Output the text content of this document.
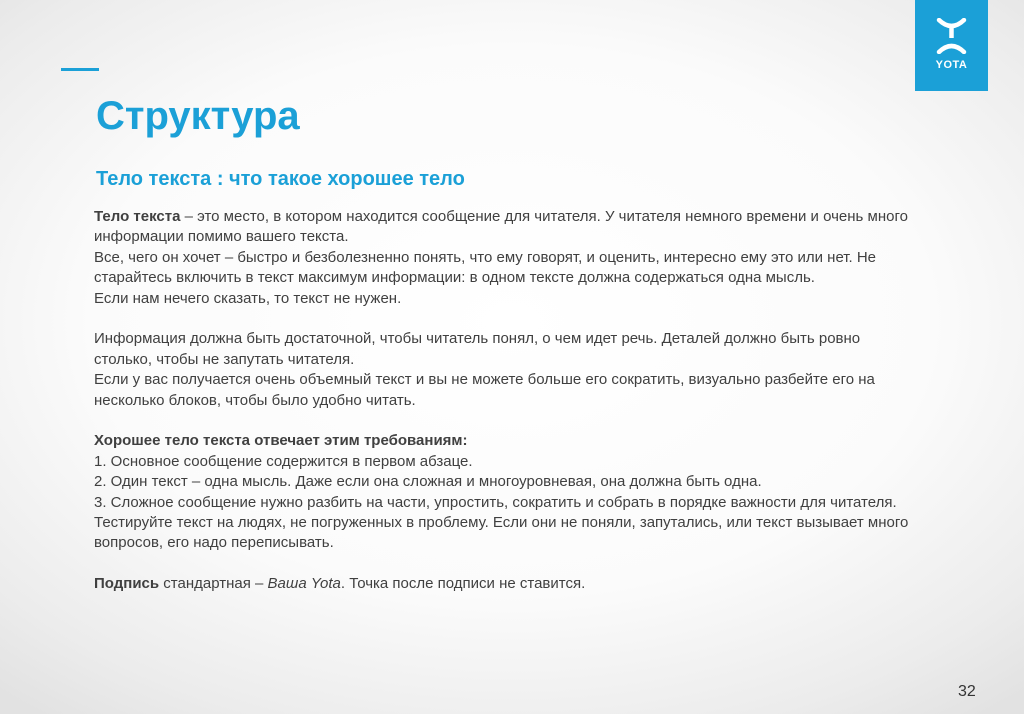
YOTA
Структура
Тело текста : что такое хорошее тело

Тело текста – это место, в котором находится сообщение для читателя. У читателя немного времени и очень много информации помимо вашего текста.

Все, чего он хочет – быстро и безболезненно понять, что ему говорят, и оценить, интересно ему это или нет. Не старайтесь включить в текст максимум информации: в одном тексте должна содержаться одна мысль.

Если нам нечего сказать, то текст не нужен.

Информация должна быть достаточной, чтобы читатель понял, о чем идет речь. Деталей должно быть ровно столько, чтобы не запутать читателя.

Если у вас получается очень объемный текст и вы не можете больше его сократить, визуально разбейте его на несколько блоков, чтобы было удобно читать.

Хорошее тело текста отвечает этим требованиям:

1. Основное сообщение содержится в первом абзаце.

2. Один текст – одна мысль. Даже если она сложная и многоуровневая, она должна быть одна.

3. Сложное сообщение нужно разбить на части, упростить, сократить и собрать в порядке важности для читателя.

Тестируйте текст на людях, не погруженных в проблему. Если они не поняли, запутались, или текст вызывает много вопросов, его надо переписывать.

Подпись стандартная – Ваша Yota. Точка после подписи не ставится.

32
